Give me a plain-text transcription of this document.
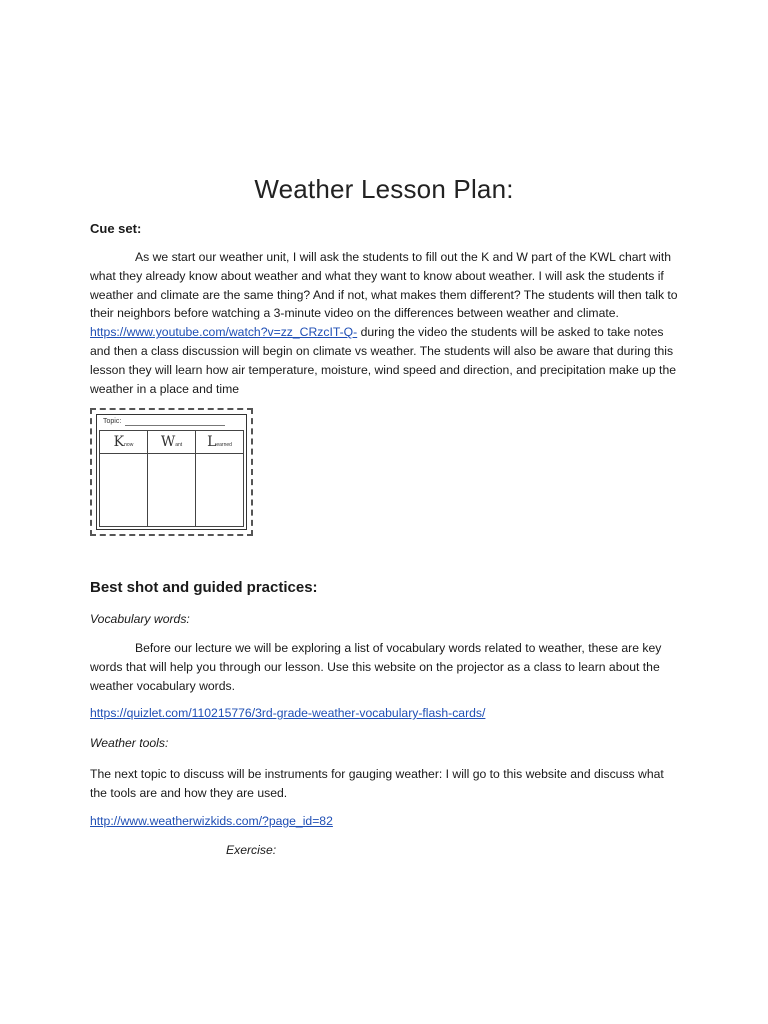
Weather Lesson Plan:
Cue set:

As we start our weather unit, I will ask the students to fill out the K and W part of the KWL chart with what they already know about weather and what they want to know about weather. I will ask the students if weather and climate are the same thing? And if not, what makes them different? The students will then talk to their neighbors before watching a 3-minute video on the differences between weather and climate.  https://www.youtube.com/watch?v=zz_CRzcIT-Q- during the video the students will be asked to take notes and then a class discussion will begin on climate vs weather. The students will also be aware that during this lesson they will learn how air temperature, moisture, wind speed and direction, and precipitation make up the weather in a place and time

Topic:
Know	Want	Learned
Best shot and guided practices:
Vocabulary words:

Before our lecture we will be exploring a list of vocabulary words related to weather, these are key words that will help you through our lesson. Use this website on the projector as a class to learn about the weather vocabulary words.

https://quizlet.com/110215776/3rd-grade-weather-vocabulary-flash-cards/
Weather tools:

The next topic to discuss will be instruments for gauging weather: I will go to this website and discuss what the tools are and how they are used.

http://www.weatherwizkids.com/?page_id=82
Exercise:
